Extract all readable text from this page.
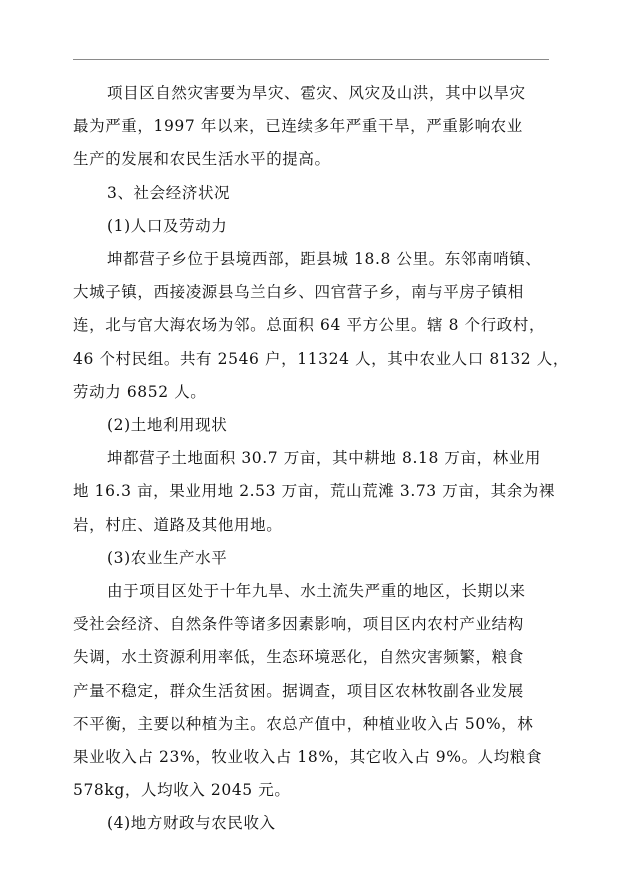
项目区自然灾害要为旱灾、雹灾、风灾及山洪，其中以旱灾
最为严重，1997 年以来，已连续多年严重干旱，严重影响农业
生产的发展和农民生活水平的提高。
3、社会经济状况
(1)人口及劳动力
坤都营子乡位于县境西部，距县城 18.8 公里。东邻南哨镇、
大城子镇，西接凌源县乌兰白乡、四官营子乡，南与平房子镇相
连，北与官大海农场为邻。总面积 64 平方公里。辖 8 个行政村，
46 个村民组。共有 2546 户，11324 人，其中农业人口 8132 人，
劳动力 6852 人。
(2)土地利用现状
坤都营子土地面积 30.7 万亩，其中耕地 8.18 万亩，林业用
地 16.3 亩，果业用地 2.53 万亩，荒山荒滩 3.73 万亩，其余为裸
岩，村庄、道路及其他用地。
(3)农业生产水平
由于项目区处于十年九旱、水土流失严重的地区，长期以来
受社会经济、自然条件等诸多因素影响，项目区内农村产业结构
失调，水土资源利用率低，生态环境恶化，自然灾害频繁，粮食
产量不稳定，群众生活贫困。据调查，项目区农林牧副各业发展
不平衡，主要以种植为主。农总产值中，种植业收入占 50%，林
果业收入占 23%，牧业收入占 18%，其它收入占 9%。人均粮食
578kg，人均收入 2045 元。
(4)地方财政与农民收入
